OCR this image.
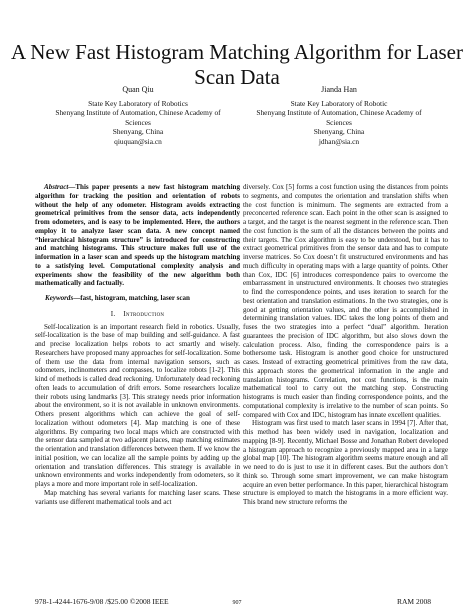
A New Fast Histogram Matching Algorithm for Laser Scan Data
Quan Qiu
State Key Laboratory of Robotics
Shenyang Institute of Automation, Chinese Academy of
Sciences
Shenyang, China
qiuquan@sia.cn
Jianda Han
State Key Laboratory of Robotic
Shenyang Institute of Automation, Chinese Academy of
Sciences
Shenyang, China
jdhan@sia.cn

Abstract—This paper presents a new fast histogram matching algorithm for tracking the position and orientation of robots without the help of any odometer. Histogram avoids extracting geometrical primitives from the sensor data, acts independently from odometers, and is easy to be implemented. Here, the authors employ it to analyze laser scan data. A new concept named “hierarchical histogram structure” is introduced for constructing and matching histograms. This structure makes full use of the information in a laser scan and speeds up the histogram matching to a satisfying level. Computational complexity analysis and experiments show the feasibility of the new algorithm both mathematically and factually.

Keywords—fast, histogram, matching, laser scan

I. Introduction

Self-localization is an important research field in robotics. Usually, self-localization is the base of map building and self-guidance. A fast and precise localization helps robots to act smartly and wisely. Researchers have proposed many approaches for self-localization. Some of them use the data from internal navigation sensors, such as odometers, inclinometers and compasses, to localize robots [1-2]. This kind of methods is called dead reckoning. Unfortunately dead reckoning often leads to accumulation of drift errors. Some researchers localize their robots using landmarks [3]. This strategy needs prior information about the environment, so it is not available in unknown environments. Others present algorithms which can achieve the goal of self-localization without odometers [4]. Map matching is one of these algorithms. By comparing two local maps which are constructed with the sensor data sampled at two adjacent places, map matching estimates the orientation and translation differences between them. If we know the initial position, we can localize all the sample points by adding up the orientation and translation differences. This strategy is available in unknown environments and works independently from odometers, so it plays a more and more important role in self-localization.

Map matching has several variants for matching laser scans. These variants use different mathematical tools and act

diversely. Cox [5] forms a cost function using the distances from points to segments, and computes the orientation and translation shifts when the cost function is minimum. The segments are extracted from a preconcerted reference scan. Each point in the other scan is assigned to a target, and the target is the nearest segment in the reference scan. Then the cost function is the sum of all the distances between the points and their targets. The Cox algorithm is easy to be understood, but it has to extract geometrical primitives from the sensor data and has to compute inverse matrices. So Cox doesn’t fit unstructured environments and has much difficulty in operating maps with a large quantity of points. Other than Cox, IDC [6] introduces correspondence pairs to overcome the embarrassment in unstructured environments. It chooses two strategies to find the correspondence points, and uses iteration to search for the best orientation and translation estimations. In the two strategies, one is good at getting orientation values, and the other is accomplished in determining translation values. IDC takes the long points of them and fuses the two strategies into a perfect “dual” algorithm. Iteration guarantees the precision of IDC algorithm, but also slows down the calculation process. Also, finding the correspondence pairs is a bothersome task. Histogram is another good choice for unstructured cases. Instead of extracting geometrical primitives from the raw data, this approach stores the geometrical information in the angle and translation histograms. Correlation, not cost functions, is the main mathematical tool to carry out the matching step. Constructing histograms is much easier than finding correspondence points, and the computational complexity is irrelative to the number of scan points. So compared with Cox and IDC, histogram has innate excellent qualities.

Histogram was first used to match laser scans in 1994 [7]. After that, this method has been widely used in navigation, localization and mapping [8-9]. Recently, Michael Bosse and Jonathan Robert developed a histogram approach to recognize a previously mapped area in a large global map [10]. The histogram algorithm seems mature enough and all we need to do is just to use it in different cases. But the authors don’t think so. Through some smart improvement, we can make histogram acquire an even better performance. In this paper, hierarchical histogram structure is employed to match the histograms in a more efficient way. This brand new structure reforms the

978-1-4244-1676-9/08 /$25.00 ©2008 IEEE	907	RAM 2008
